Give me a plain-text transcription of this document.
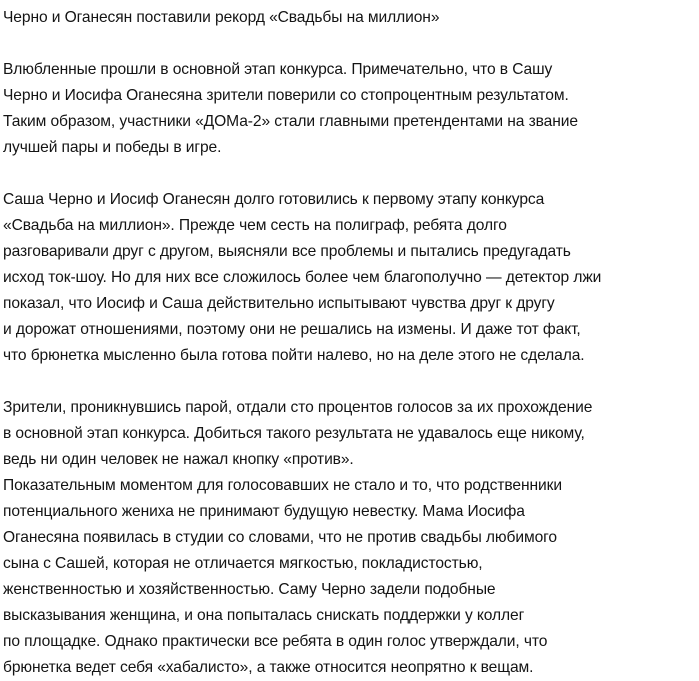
Черно и Оганесян поставили рекорд «Свадьбы на миллион»
Влюбленные прошли в основной этап конкурса. Примечательно, что в Сашу
Черно и Иосифа Оганесяна зрители поверили со стопроцентным результатом.
Таким образом, участники «ДОМа-2» стали главными претендентами на звание
лучшей пары и победы в игре.
Саша Черно и Иосиф Оганесян долго готовились к первому этапу конкурса
«Свадьба на миллион». Прежде чем сесть на полиграф, ребята долго
разговаривали друг с другом, выясняли все проблемы и пытались предугадать
исход ток-шоу. Но для них все сложилось более чем благополучно — детектор лжи
показал, что Иосиф и Саша действительно испытывают чувства друг к другу
и дорожат отношениями, поэтому они не решались на измены. И даже тот факт,
что брюнетка мысленно была готова пойти налево, но на деле этого не сделала.
Зрители, проникнувшись парой, отдали сто процентов голосов за их прохождение
в основной этап конкурса. Добиться такого результата не удавалось еще никому,
ведь ни один человек не нажал кнопку «против».
Показательным моментом для голосовавших не стало и то, что родственники
потенциального жениха не принимают будущую невестку. Мама Иосифа
Оганесяна появилась в студии со словами, что не против свадьбы любимого
сына с Сашей, которая не отличается мягкостью, покладистостью,
женственностью и хозяйственностью. Саму Черно задели подобные
высказывания женщина, и она попыталась снискать поддержки у коллег
по площадке. Однако практически все ребята в один голос утверждали, что
брюнетка ведет себя «хабалисто», а также относится неопрятно к вещам.
